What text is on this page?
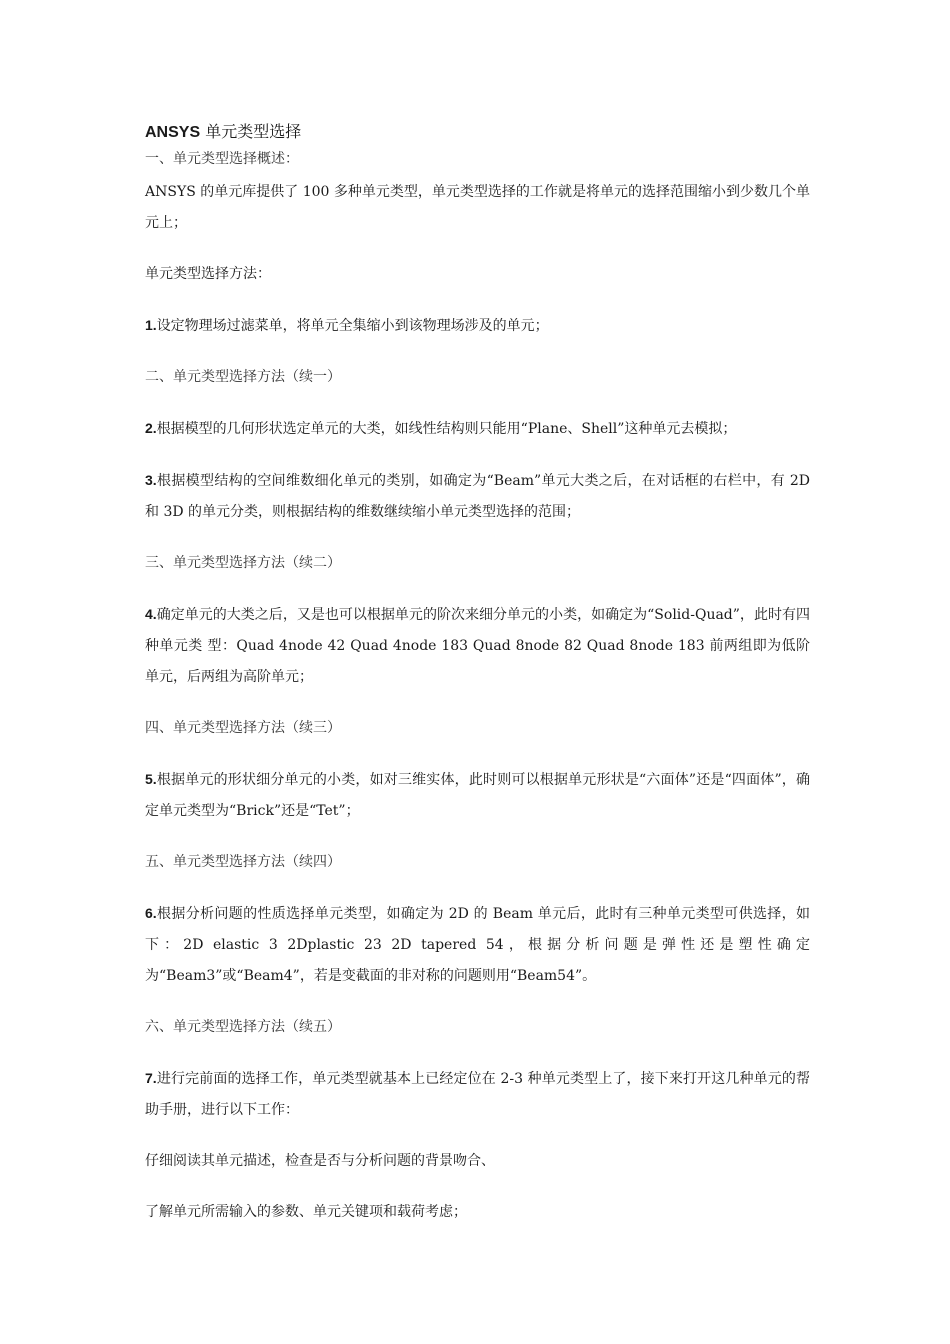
ANSYS 单元类型选择
一、单元类型选择概述：

ANSYS 的单元库提供了 100 多种单元类型，单元类型选择的工作就是将单元的选择范围缩小到少数几个单元上；

单元类型选择方法：

1.设定物理场过滤菜单，将单元全集缩小到该物理场涉及的单元；

二、单元类型选择方法（续一）

2.根据模型的几何形状选定单元的大类，如线性结构则只能用“Plane、Shell”这种单元去模拟；

3.根据模型结构的空间维数细化单元的类别，如确定为“Beam”单元大类之后，在对话框的右栏中，有 2D 和 3D 的单元分类，则根据结构的维数继续缩小单元类型选择的范围；

三、单元类型选择方法（续二）

4.确定单元的大类之后，又是也可以根据单元的阶次来细分单元的小类，如确定为“Solid-Quad”，此时有四种单元类 型：Quad 4node 42 Quad 4node 183 Quad 8node 82 Quad 8node 183 前两组即为低阶单元，后两组为高阶单元；

四、单元类型选择方法（续三）

5.根据单元的形状细分单元的小类，如对三维实体，此时则可以根据单元形状是“六面体”还是“四面体”，确定单元类型为“Brick”还是“Tet”；

五、单元类型选择方法（续四）

6.根据分析问题的性质选择单元类型，如确定为 2D 的 Beam 单元后，此时有三种单元类型可供选择，如下：2D elastic 3 2Dplastic 23 2D tapered 54，根据分析问题是弹性还是塑性确定为“Beam3”或“Beam4”，若是变截面的非对称的问题则用“Beam54”。

六、单元类型选择方法（续五）

7.进行完前面的选择工作，单元类型就基本上已经定位在 2-3 种单元类型上了，接下来打开这几种单元的帮助手册，进行以下工作：

仔细阅读其单元描述，检查是否与分析问题的背景吻合、

了解单元所需输入的参数、单元关键项和载荷考虑；
